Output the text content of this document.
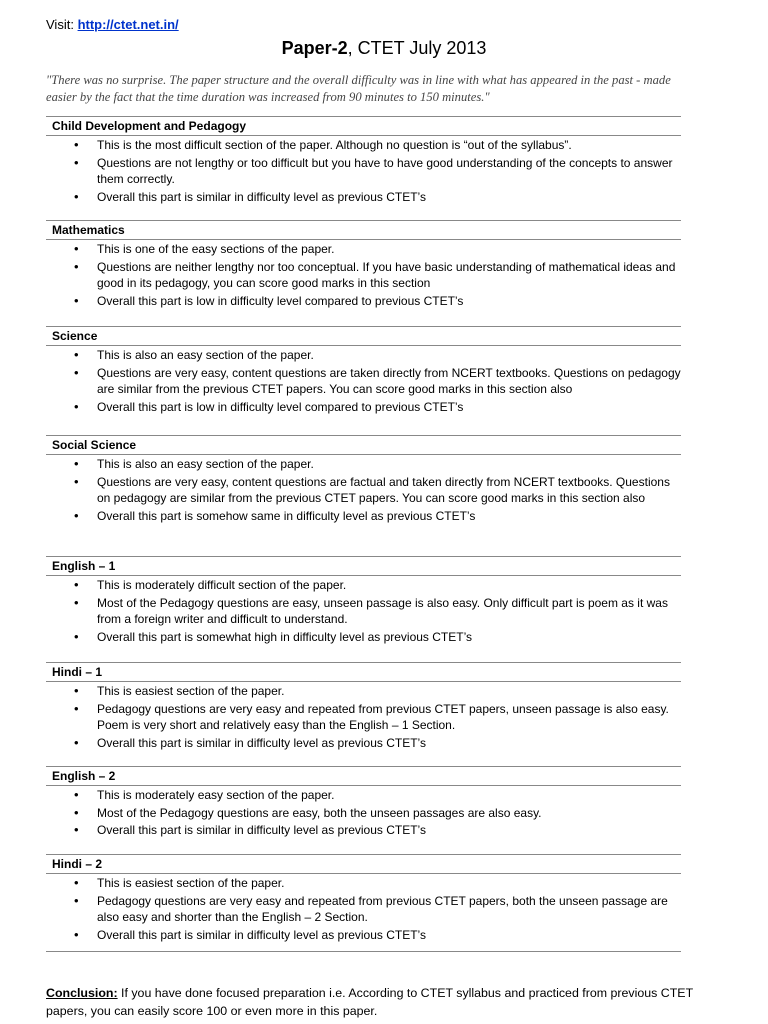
Visit: http://ctet.net.in/
Paper-2, CTET July 2013
"There was no surprise. The paper structure and the overall difficulty was in line with what has appeared in the past - made easier by the fact that the time duration was increased from 90 minutes to 150 minutes."
Child Development and Pedagogy
• This is the most difficult section of the paper. Although no question is “out of the syllabus”.
• Questions are not lengthy or too difficult but you have to have good understanding of the concepts to answer them correctly.
• Overall this part is similar in difficulty level as previous CTET’s
Mathematics
• This is one of the easy sections of the paper.
• Questions are neither lengthy nor too conceptual. If you have basic understanding of mathematical ideas and good in its pedagogy, you can score good marks in this section
• Overall this part is low in difficulty level compared to previous CTET’s
Science
• This is also an easy section of the paper.
• Questions are very easy, content questions are taken directly from NCERT textbooks. Questions on pedagogy are similar from the previous CTET papers. You can score good marks in this section also
• Overall this part is low in difficulty level compared to previous CTET’s
Social Science
• This is also an easy section of the paper.
• Questions are very easy, content questions are factual and taken directly from NCERT textbooks. Questions on pedagogy are similar from the previous CTET papers. You can score good marks in this section also
• Overall this part is somehow same in difficulty level as previous CTET’s
English – 1
• This is moderately difficult section of the paper.
• Most of the Pedagogy questions are easy, unseen passage is also easy. Only difficult part is poem as it was from a foreign writer and difficult to understand.
• Overall this part is somewhat high in difficulty level as previous CTET’s
Hindi – 1
• This is easiest section of the paper.
• Pedagogy questions are very easy and repeated from previous CTET papers, unseen passage is also easy. Poem is very short and relatively easy than the English – 1 Section.
• Overall this part is similar in difficulty level as previous CTET’s
English – 2
• This is moderately easy section of the paper.
• Most of the Pedagogy questions are easy, both the unseen passages are also easy.
• Overall this part is similar in difficulty level as previous CTET’s
Hindi – 2
• This is easiest section of the paper.
• Pedagogy questions are very easy and repeated from previous CTET papers, both the unseen passage are also easy and shorter than the English – 2 Section.
• Overall this part is similar in difficulty level as previous CTET’s
Conclusion: If you have done focused preparation i.e. According to CTET syllabus and practiced from previous CTET papers, you can easily score 100 or even more in this paper.
